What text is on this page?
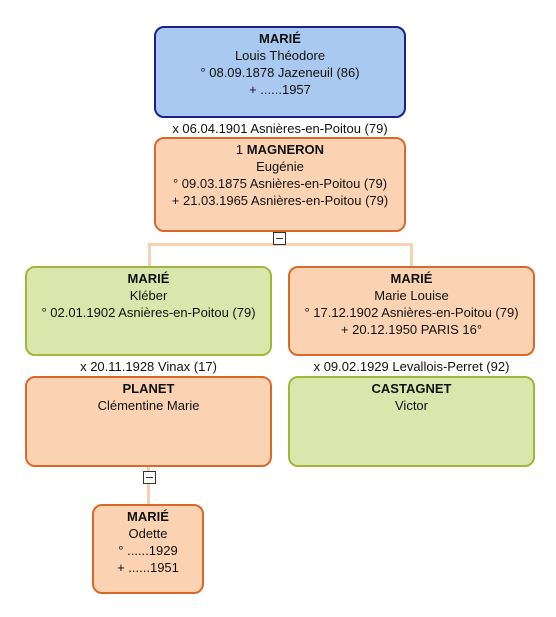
MARIÉ
Louis Théodore
° 08.09.1878 Jazeneuil (86)
+ ......1957
x 06.04.1901 Asnières-en-Poitou (79)
1 MAGNERON
Eugénie
° 09.03.1875 Asnières-en-Poitou (79)
+ 21.03.1965 Asnières-en-Poitou (79)
MARIÉ
Kléber
° 02.01.1902 Asnières-en-Poitou (79)
x 20.11.1928 Vinax (17)
PLANET
Clémentine Marie
MARIÉ
Marie Louise
° 17.12.1902 Asnières-en-Poitou (79)
+ 20.12.1950 PARIS 16°
x 09.02.1929 Levallois-Perret (92)
CASTAGNET
Victor
MARIÉ
Odette
° ......1929
+ ......1951
